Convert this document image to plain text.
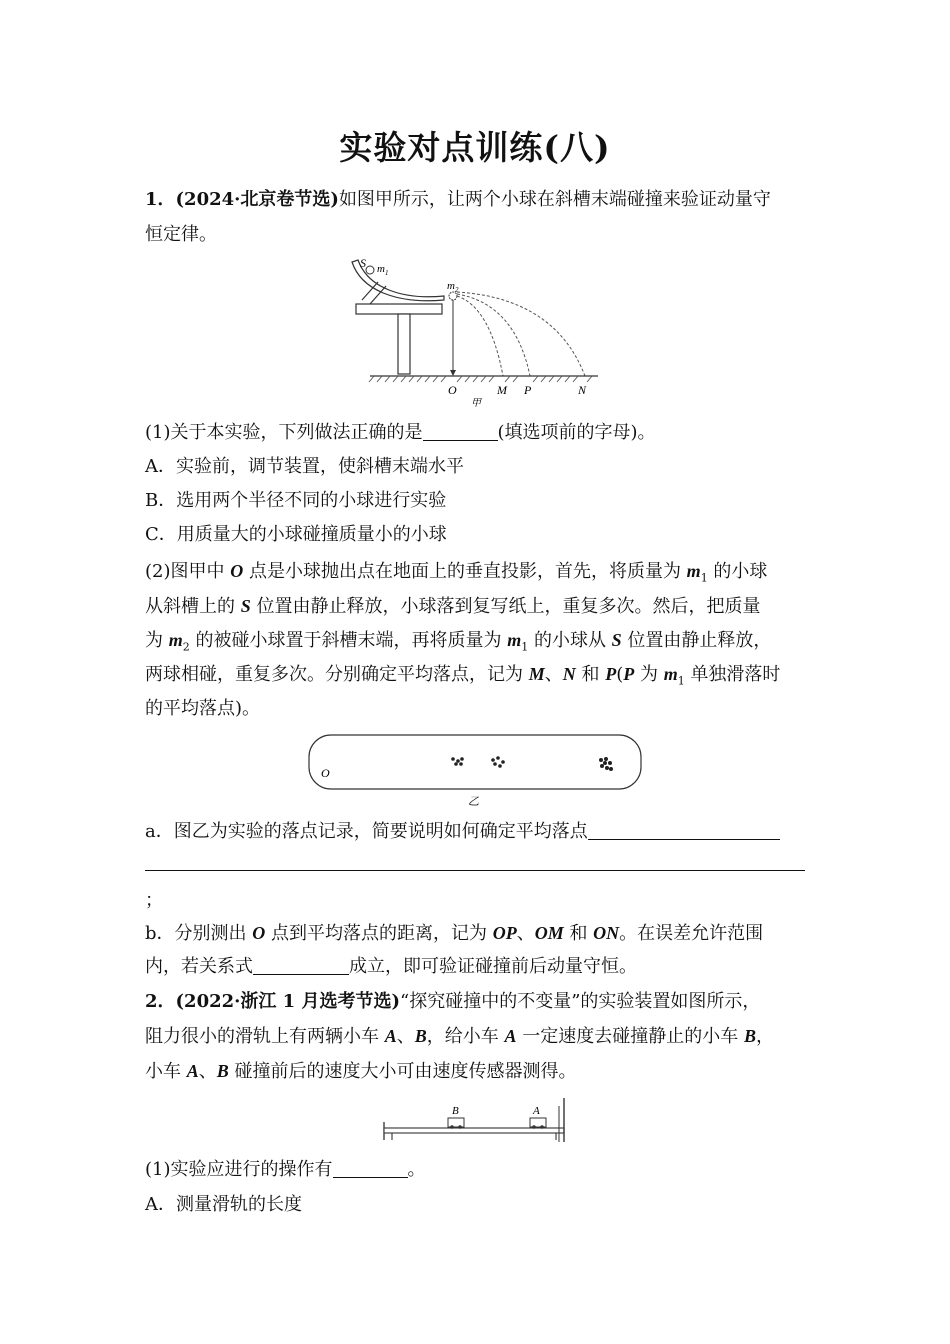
实验对点训练(八)
1．(2024·北京卷节选)如图甲所示，让两个小球在斜槽末端碰撞来验证动量守
恒定律。
S $m_1$
$m_2$
O	M P	N
甲
(1)关于本实验，下列做法正确的是	(填选项前的字母)。
A．实验前，调节装置，使斜槽末端水平
B．选用两个半径不同的小球进行实验
C．用质量大的小球碰撞质量小的小球
(2)图甲中 O 点是小球抛出点在地面上的垂直投影，首先，将质量为 $m_1$ 的小球
从斜槽上的 S 位置由静止释放，小球落到复写纸上，重复多次。然后，把质量
为 $m_2$ 的被碰小球置于斜槽末端，再将质量为 $m_1$ 的小球从 S 位置由静止释放，
两球相碰，重复多次。分别确定平均落点，记为 M、N 和 P(P 为 $m_1$ 单独滑落时
的平均落点)。
O
乙
a．图乙为实验的落点记录，简要说明如何确定平均落点
；
b．分别测出 O 点到平均落点的距离，记为 OP、OM 和 ON。在误差允许范围
内，若关系式	成立，即可验证碰撞前后动量守恒。
2．(2022·浙江 1 月选考节选)“探究碰撞中的不变量”的实验装置如图所示，
阻力很小的滑轨上有两辆小车 A、B，给小车 A 一定速度去碰撞静止的小车 B，
小车 A、B 碰撞前后的速度大小可由速度传感器测得。
B	A
(1)实验应进行的操作有	。
A．测量滑轨的长度
